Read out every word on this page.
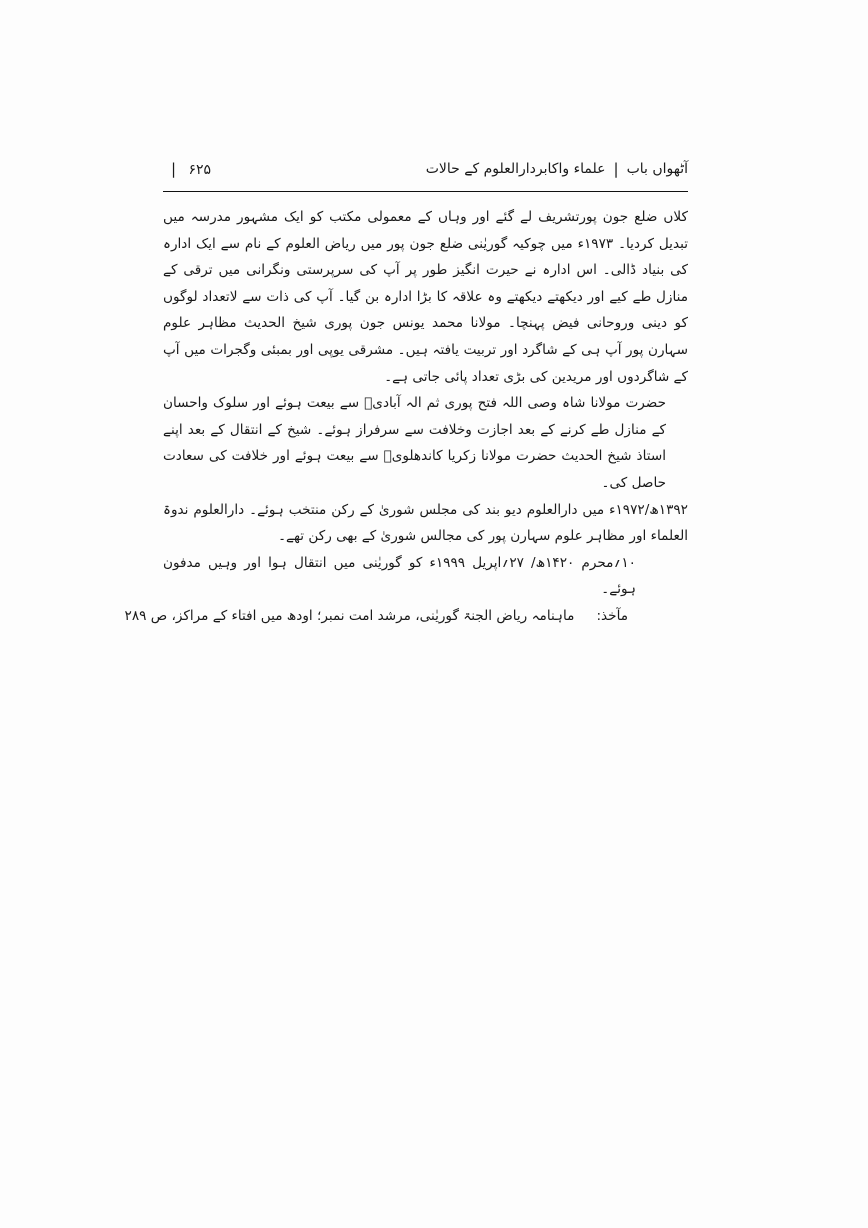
آٹھواں باب
|
علماء واکابردارالعلوم کے حالات
۶۲۵ |

کلاں ضلع جون پورتشریف لے گئے اور وہاں کے معمولی مکتب کو ایک مشہور مدرسہ میں تبدیل کردیا۔ ۱۹۷۳ء میں چوکیہ گوریٰنی ضلع جون پور میں ریاض العلوم کے نام سے ایک ادارہ کی بنیاد ڈالی۔ اس ادارہ نے حیرت انگیز طور پر آپ کی سرپرستی ونگرانی میں ترقی کے منازل طے کیے اور دیکھتے دیکھتے وہ علاقہ کا بڑا ادارہ بن گیا۔ آپ کی ذات سے لاتعداد لوگوں کو دینی وروحانی فیض پہنچا۔ مولانا محمد یونس جون پوری شیخ الحدیث مظاہر علوم سہارن پور آپ ہی کے شاگرد اور تربیت یافتہ ہیں۔ مشرقی یوپی اور بمبئی وگجرات میں آپ کے شاگردوں اور مریدین کی بڑی تعداد پائی جاتی ہے۔

حضرت مولانا شاہ وصی اللہ فتح پوری ثم الہ آبادیؒ سے بیعت ہوئے اور سلوک واحسان کے منازل طے کرنے کے بعد اجازت وخلافت سے سرفراز ہوئے۔ شیخ کے انتقال کے بعد اپنے استاذ شیخ الحدیث حضرت مولانا زکریا کاندھلویؒ سے بیعت ہوئے اور خلافت کی سعادت حاصل کی۔

۱۳۹۲ھ/۱۹۷۲ء میں دارالعلوم دیو بند کی مجلس شوریٰ کے رکن منتخب ہوئے۔ دارالعلوم ندوۃ العلماء اور مظاہر علوم سہارن پور کی مجالس شوریٰ کے بھی رکن تھے۔

۱۰؍محرم ۱۴۲۰ھ/ ۲۷؍اپریل ۱۹۹۹ء کو گوریٰنی میں انتقال ہوا اور وہیں مدفون ہوئے۔

مآخذ:ماہنامہ ریاض الجنۃ گوریٰنی، مرشد امت نمبر؛ اودھ میں افتاء کے مراکز، ص ۲۸۹
